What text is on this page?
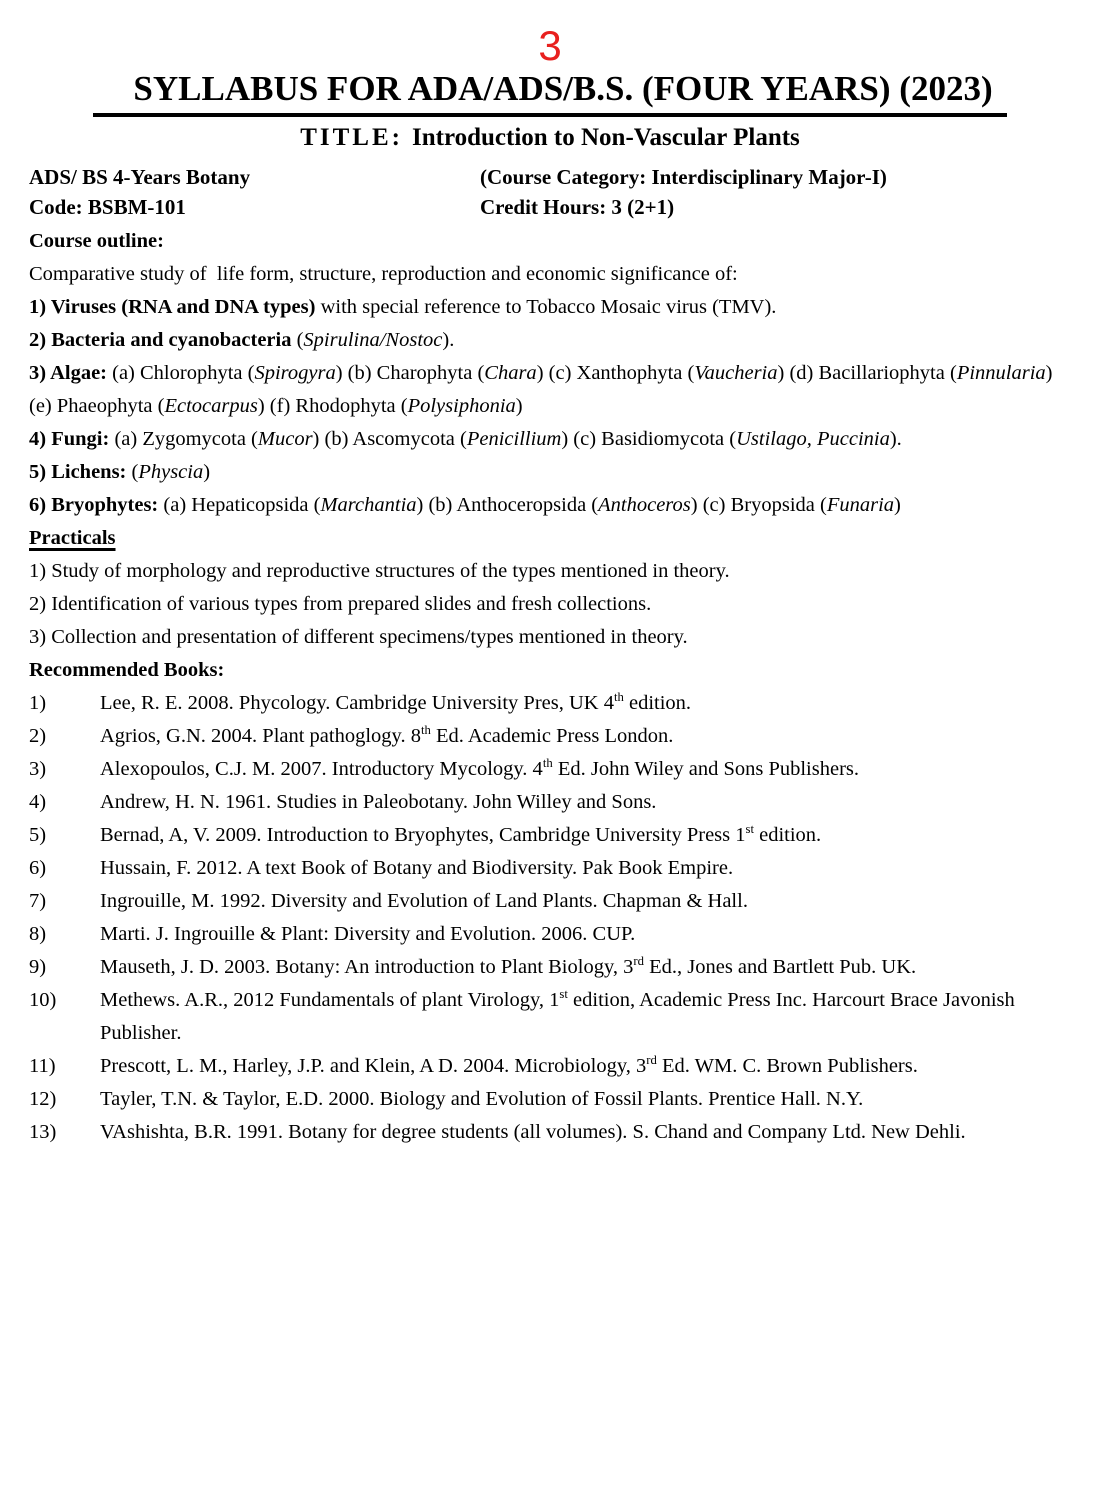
3
SYLLABUS FOR ADA/ADS/B.S. (FOUR YEARS) (2023)
TITLE: Introduction to Non-Vascular Plants
ADS/ BS 4-Years Botany	(Course Category: Interdisciplinary Major-I)
Code: BSBM-101	Credit Hours: 3 (2+1)

Course outline:

Comparative study of  life form, structure, reproduction and economic significance of:

1) Viruses (RNA and DNA types) with special reference to Tobacco Mosaic virus (TMV).

2) Bacteria and cyanobacteria (Spirulina/Nostoc).

3) Algae: (a) Chlorophyta (Spirogyra) (b) Charophyta (Chara) (c) Xanthophyta (Vaucheria) (d) Bacillariophyta (Pinnularia) (e) Phaeophyta (Ectocarpus) (f) Rhodophyta (Polysiphonia)

4) Fungi: (a) Zygomycota (Mucor) (b) Ascomycota (Penicillium) (c) Basidiomycota (Ustilago, Puccinia).

5) Lichens: (Physcia)

6) Bryophytes: (a) Hepaticopsida (Marchantia) (b) Anthoceropsida (Anthoceros) (c) Bryopsida (Funaria)

Practicals

1) Study of morphology and reproductive structures of the types mentioned in theory.

2) Identification of various types from prepared slides and fresh collections.

3) Collection and presentation of different specimens/types mentioned in theory.

Recommended Books:

1)	Lee, R. E. 2008. Phycology. Cambridge University Pres, UK 4th edition.
2)	Agrios, G.N. 2004. Plant pathoglogy. 8th Ed. Academic Press London.
3)	Alexopoulos, C.J. M. 2007. Introductory Mycology. 4th Ed. John Wiley and Sons Publishers.
4)	Andrew, H. N. 1961. Studies in Paleobotany. John Willey and Sons.
5)	Bernad, A, V. 2009. Introduction to Bryophytes, Cambridge University Press 1st edition.
6)	Hussain, F. 2012. A text Book of Botany and Biodiversity. Pak Book Empire.
7)	Ingrouille, M. 1992. Diversity and Evolution of Land Plants. Chapman & Hall.
8)	Marti. J. Ingrouille & Plant: Diversity and Evolution. 2006. CUP.
9)	Mauseth, J. D. 2003. Botany: An introduction to Plant Biology, 3rd Ed., Jones and Bartlett Pub. UK.
10)	Methews. A.R., 2012 Fundamentals of plant Virology, 1st edition, Academic Press Inc. Harcourt Brace Javonish Publisher.
11)	Prescott, L. M., Harley, J.P. and Klein, A D. 2004. Microbiology, 3rd Ed. WM. C. Brown Publishers.
12)	Tayler, T.N. & Taylor, E.D. 2000. Biology and Evolution of Fossil Plants. Prentice Hall. N.Y.
13)	VAshishta, B.R. 1991. Botany for degree students (all volumes). S. Chand and Company Ltd. New Dehli.
